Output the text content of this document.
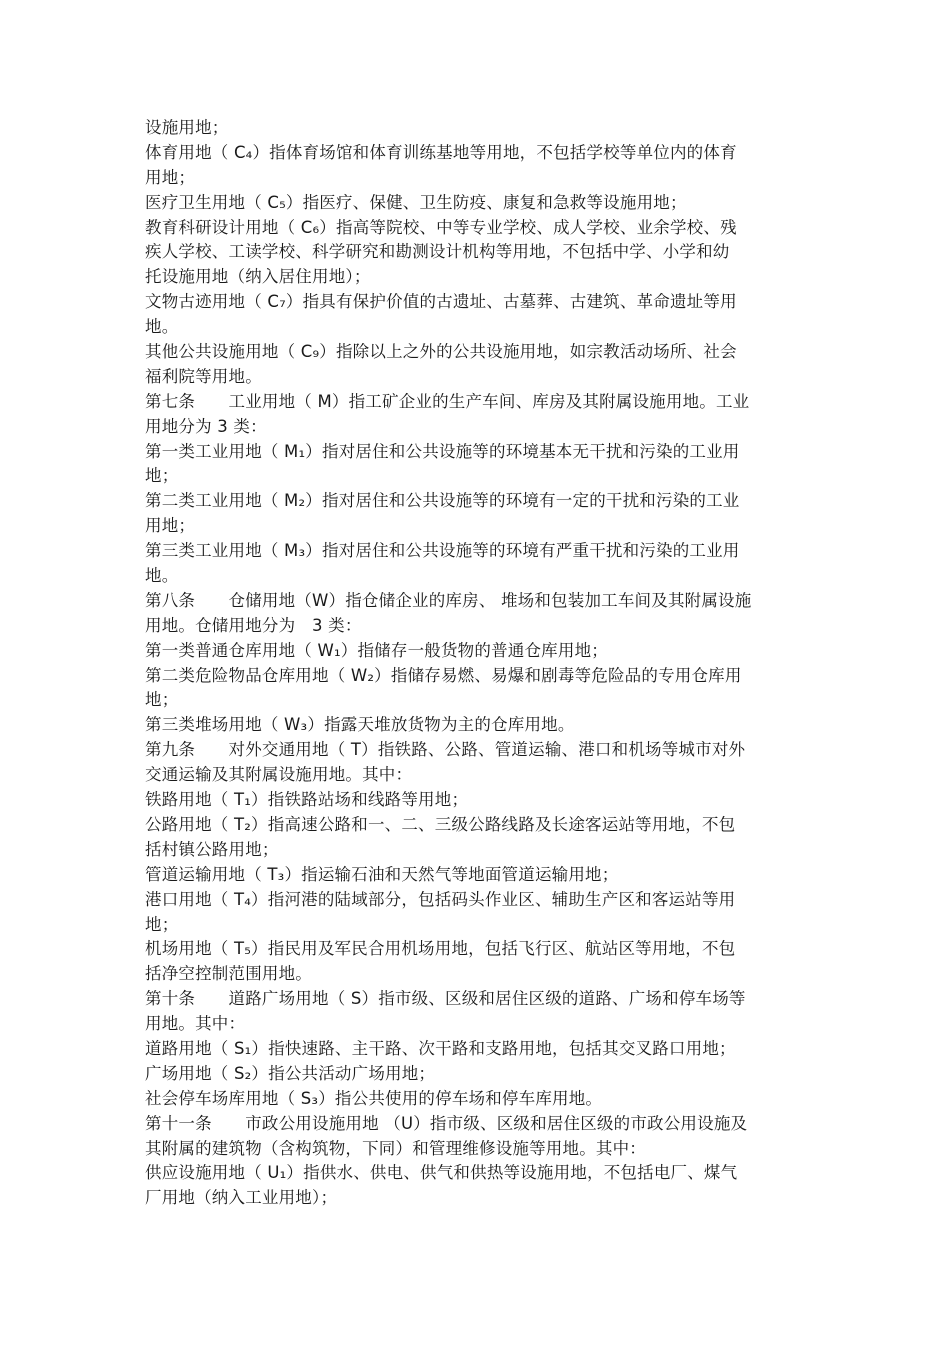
设施用地；
体育用地（ C₄）指体育场馆和体育训练基地等用地，不包括学校等单位内的体育
用地；
医疗卫生用地（ C₅）指医疗、保健、卫生防疫、康复和急救等设施用地；
教育科研设计用地（ C₆）指高等院校、中等专业学校、成人学校、业余学校、残
疾人学校、工读学校、科学研究和勘测设计机构等用地，不包括中学、小学和幼
托设施用地（纳入居住用地）；
文物古迹用地（ C₇）指具有保护价值的古遗址、古墓葬、古建筑、革命遗址等用
地。
其他公共设施用地（ C₉）指除以上之外的公共设施用地，如宗教活动场所、社会
福利院等用地。
第七条　　工业用地（ M）指工矿企业的生产车间、库房及其附属设施用地。工业
用地分为 3 类：
第一类工业用地（ M₁）指对居住和公共设施等的环境基本无干扰和污染的工业用
地；
第二类工业用地（ M₂）指对居住和公共设施等的环境有一定的干扰和污染的工业
用地；
第三类工业用地（ M₃）指对居住和公共设施等的环境有严重干扰和污染的工业用
地。
第八条　　仓储用地（W）指仓储企业的库房、 堆场和包装加工车间及其附属设施
用地。仓储用地分为　3 类：
第一类普通仓库用地（ W₁）指储存一般货物的普通仓库用地；
第二类危险物品仓库用地（ W₂）指储存易燃、易爆和剧毒等危险品的专用仓库用
地；
第三类堆场用地（ W₃）指露天堆放货物为主的仓库用地。
第九条　　对外交通用地（ T）指铁路、公路、管道运输、港口和机场等城市对外
交通运输及其附属设施用地。其中：
铁路用地（ T₁）指铁路站场和线路等用地；
公路用地（ T₂）指高速公路和一、二、三级公路线路及长途客运站等用地，不包
括村镇公路用地；
管道运输用地（ T₃）指运输石油和天然气等地面管道运输用地；
港口用地（ T₄）指河港的陆域部分，包括码头作业区、辅助生产区和客运站等用
地；
机场用地（ T₅）指民用及军民合用机场用地，包括飞行区、航站区等用地，不包
括净空控制范围用地。
第十条　　道路广场用地（ S）指市级、区级和居住区级的道路、广场和停车场等
用地。其中：
道路用地（ S₁）指快速路、主干路、次干路和支路用地，包括其交叉路口用地；
广场用地（ S₂）指公共活动广场用地；
社会停车场库用地（ S₃）指公共使用的停车场和停车库用地。
第十一条　　市政公用设施用地 （U）指市级、区级和居住区级的市政公用设施及
其附属的建筑物（含构筑物，下同）和管理维修设施等用地。其中：
供应设施用地（ U₁）指供水、供电、供气和供热等设施用地，不包括电厂、煤气
厂用地（纳入工业用地）；
